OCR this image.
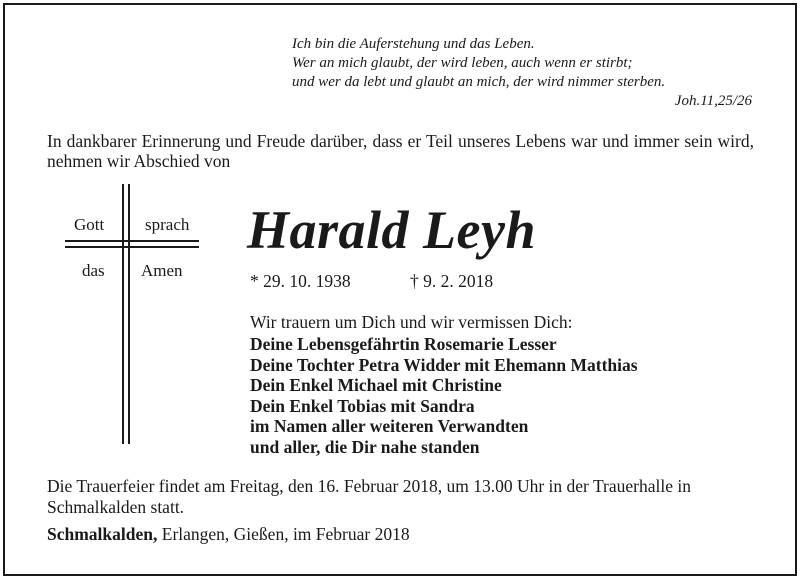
Ich bin die Auferstehung und das Leben.
Wer an mich glaubt, der wird leben, auch wenn er stirbt;
und wer da lebt und glaubt an mich, der wird nimmer sterben.
Joh.11,25/26
In dankbarer Erinnerung und Freude darüber, dass er Teil unseres Lebens war und immer sein wird, nehmen wir Abschied von
Gott sprach
das Amen
Harald Leyh
* 29. 10. 1938	† 9. 2. 2018
Wir trauern um Dich und wir vermissen Dich:
Deine Lebensgefährtin Rosemarie Lesser
Deine Tochter Petra Widder mit Ehemann Matthias
Dein Enkel Michael mit Christine
Dein Enkel Tobias mit Sandra
im Namen aller weiteren Verwandten
und aller, die Dir nahe standen
Die Trauerfeier findet am Freitag, den 16. Februar 2018, um 13.00 Uhr in der Trauerhalle in Schmalkalden statt.
Schmalkalden, Erlangen, Gießen, im Februar 2018
